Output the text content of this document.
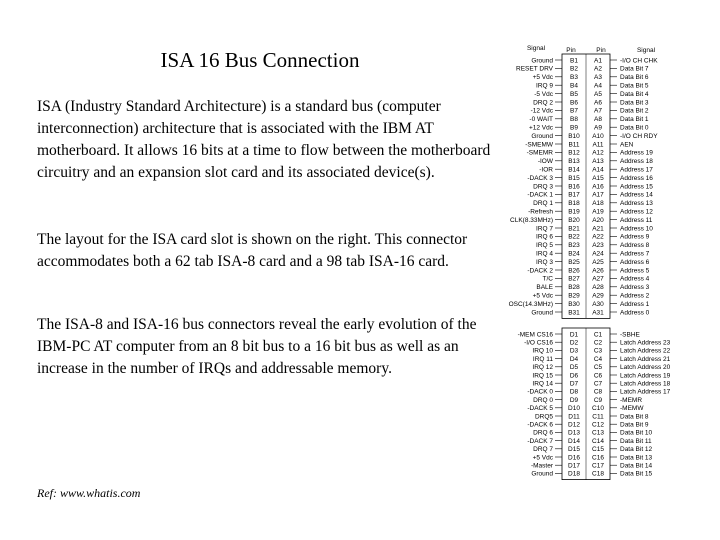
ISA 16 Bus Connection

ISA (Industry Standard Architecture) is a standard bus (computer interconnection) architecture that is associated with the IBM AT motherboard. It allows 16 bits at a time to flow between the motherboard circuitry and an expansion slot card and its associated device(s).

The layout for the ISA card slot is shown on the right. This connector accommodates both a 62 tab ISA-8 card and a 98 tab ISA-16 card.

The ISA-8 and ISA-16 bus connectors reveal the early evolution of the IBM-PC AT computer from an 8 bit bus to a 16 bit bus as well as an increase in the number of IRQs and addressable memory.

Ref: www.whatis.com
Signal	Pin	Pin	Signal
Ground	B1 A1	-I/O CH CHK
RESET DRV	B2 A2	Data Bit 7
+5 Vdc	B3 A3	Data Bit 6
IRQ 9	B4 A4	Data Bit 5
-5 Vdc	B5 A5	Data Bit 4
DRQ 2	B6 A6	Data Bit 3
-12 Vdc	B7 A7	Data Bit 2
-0 WAIT	B8 A8	Data Bit 1
+12 Vdc	B9 A9	Data Bit 0
Ground B10 A10 -I/O CH RDY
-SMEMW B11 A11	AEN
-SMEMR B12 A12 Address 19
-IOW B13 A13 Address 18
-IOR B14 A14 Address 17
-DACK 3 B15 A15 Address 16
DRQ 3 B16 A16 Address 15
-DACK 1 B17 A17 Address 14
DRQ 1 B18 A18 Address 13
-Refresh B19 A19 Address 12
CLK(8.33MHz) B20 A20 Address 11
IRQ 7 B21 A21 Address 10
IRQ 6 B22 A22 Address 9
IRQ 5 B23 A23 Address 8
IRQ 4 B24 A24 Address 7
IRQ 3 B25 A25 Address 6
-DACK 2 B26 A26 Address 5
T/C B27 A27 Address 4
BALE B28 A28 Address 3
+5 Vdc B29 A29 Address 2
OSC(14.3MHz) B30 A30 Address 1
Ground B31 A31 Address 0
-MEM CS16	D1 C1	-SBHE
-I/O CS16	D2 C2	Latch Address 23
IRQ 10	D3 C3	Latch Address 22
IRQ 11	D4 C4	Latch Address 21
IRQ 12	D5 C5	Latch Address 20
IRQ 15	D6 C6	Latch Address 19
IRQ 14	D7 C7	Latch Address 18
-DACK 0	D8 C8	Latch Address 17
DRQ 0	D9 C9	-MEMR
-DACK 5 D10 C10 -MEMW
DRQ5 D11 C11	Data Bit 8
-DACK 6 D12 C12 Data Bit 9
DRQ 6 D13 C13 Data Bit 10
-DACK 7 D14 C14 Data Bit 11
DRQ 7 D15 C15 Data Bit 12
+5 Vdc D16 C16 Data Bit 13
-Master D17 C17 Data Bit 14
Ground D18 C18 Data Bit 15
